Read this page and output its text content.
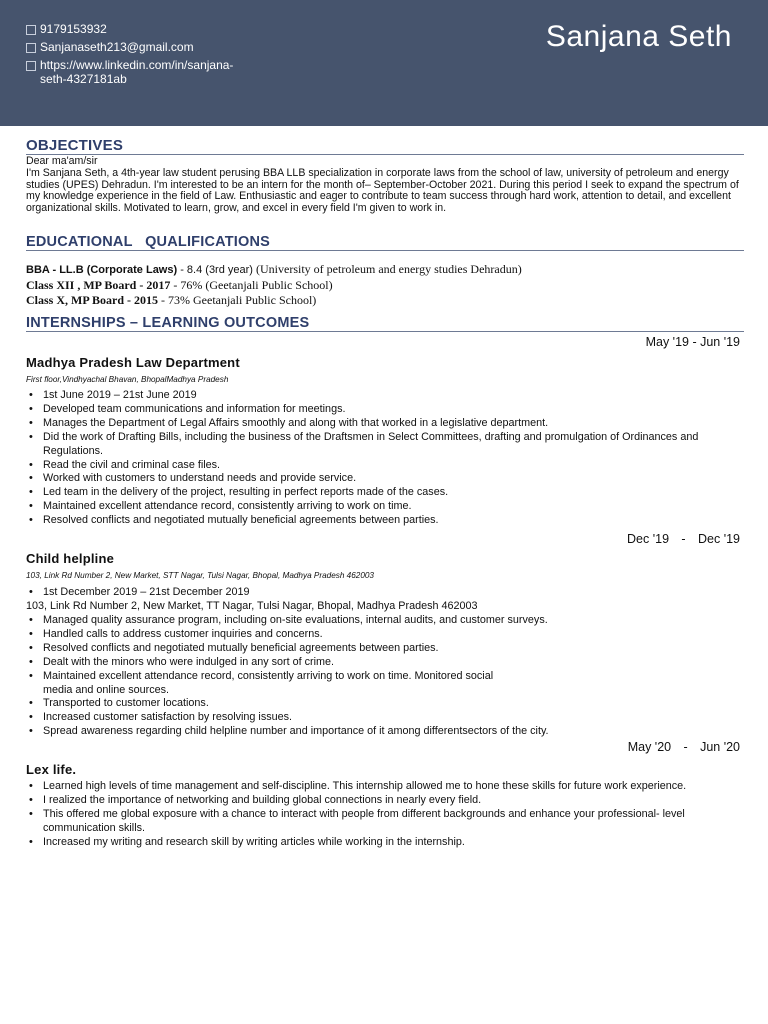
9179153932
Sanjanaseth213@gmail.com
https://www.linkedin.com/in/sanjana-
seth-4327181ab
Sanjana Seth
OBJECTIVES
Dear ma'am/sir
I'm Sanjana Seth, a 4th-year law student perusing BBA LLB specialization in corporate laws from the school of law, university of petroleum and energy studies (UPES) Dehradun. I'm interested to be an intern for the month of– September-October 2021. During this period I seek to expand the spectrum of my knowledge experience in the field of Law. Enthusiastic and eager to contribute to team success through hard work, attention to detail, and excellent organizational skills. Motivated to learn, grow, and excel in every field I'm given to work in.
EDUCATIONAL   QUALIFICATIONS
BBA - LL.B (Corporate Laws) - 8.4 (3rd year) (University of petroleum and energy studies Dehradun)
Class XII , MP Board - 2017 - 76% (Geetanjali Public School)
Class X, MP Board - 2015 - 73% Geetanjali Public School)
INTERNSHIPS – LEARNING OUTCOMES
May '19 - Jun '19
Madhya Pradesh Law Department
First floor,Vindhyachal Bhavan, BhopalMadhya Pradesh
• 1st June 2019 – 21st June 2019
• Developed team communications and information for meetings.
• Manages the Department of Legal Affairs smoothly and along with that worked in a legislative department.
• Did the work of Drafting Bills, including the business of the Draftsmen in Select Committees, drafting and promulgation of Ordinances and Regulations.
• Read the civil and criminal case files.
• Worked with customers to understand needs and provide service.
• Led team in the delivery of the project, resulting in perfect reports made of the cases.
• Maintained excellent attendance record, consistently arriving to work on time.
• Resolved conflicts and negotiated mutually beneficial agreements between parties.
Dec '19 - Dec '19
Child helpline
103, Link Rd Number 2, New Market, STT Nagar, Tulsi Nagar, Bhopal, Madhya Pradesh 462003
• 1st December 2019 – 21st December 2019
103, Link Rd Number 2, New Market, TT Nagar, Tulsi Nagar, Bhopal, Madhya Pradesh 462003
• Managed quality assurance program, including on-site evaluations, internal audits, and customer surveys.
• Handled calls to address customer inquiries and concerns.
• Resolved conflicts and negotiated mutually beneficial agreements between parties.
• Dealt with the minors who were indulged in any sort of crime.
• Maintained excellent attendance record, consistently arriving to work on time. Monitored social media and online sources.
• Transported to customer locations.
• Increased customer satisfaction by resolving issues.
• Spread awareness regarding child helpline number and importance of it among differentsectors of the city.
May '20 - Jun '20
Lex life.
• Learned high levels of time management and self-discipline. This internship allowed me to hone these skills for future work experience.
• I realized the importance of networking and building global connections in nearly every field.
• This offered me global exposure with a chance to interact with people from different backgrounds and enhance your professional- level communication skills.
• Increased my writing and research skill by writing articles while working in the internship.
